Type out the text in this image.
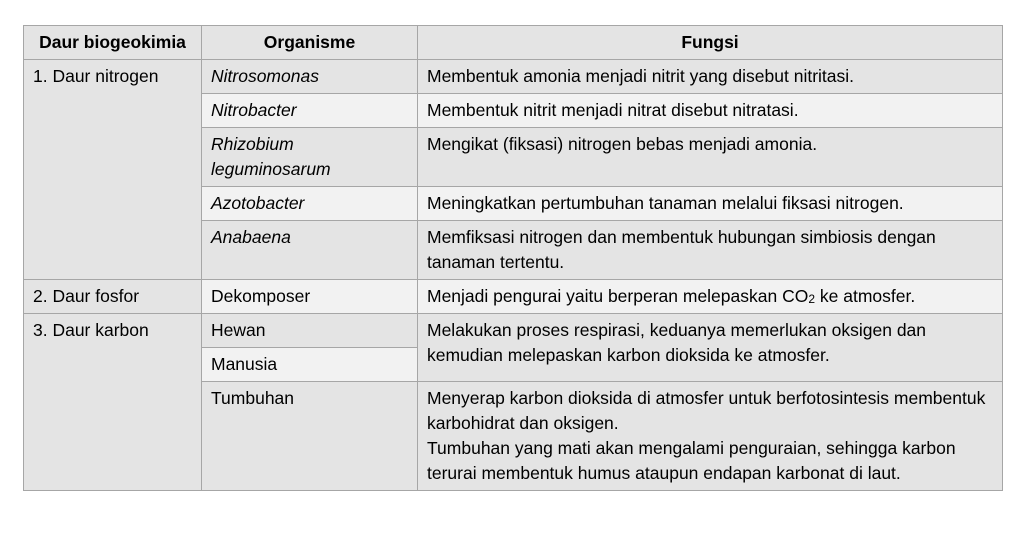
Daur biogeokimia	Organisme	Fungsi
1. Daur nitrogen	Nitrosomonas	Membentuk amonia menjadi nitrit yang disebut nitritasi.
	Nitrobacter	Membentuk nitrit menjadi nitrat disebut nitratasi.
	Rhizobium leguminosarum	Mengikat (fiksasi) nitrogen bebas menjadi amonia.
	Azotobacter	Meningkatkan pertumbuhan tanaman melalui fiksasi nitrogen.
	Anabaena	Memfiksasi nitrogen dan membentuk hubungan simbiosis dengan tanaman tertentu.
2. Daur fosfor	Dekomposer	Menjadi pengurai yaitu berperan melepaskan $CO_2$ ke atmosfer.
3. Daur karbon	Hewan	Melakukan proses respirasi, keduanya memerlukan oksigen dan kemudian melepaskan karbon dioksida ke atmosfer.
	Manusia	
	Tumbuhan	Menyerap karbon dioksida di atmosfer untuk berfotosintesis membentuk karbohidrat dan oksigen.
Tumbuhan yang mati akan mengalami penguraian, sehingga karbon terurai membentuk humus ataupun endapan karbonat di laut.
